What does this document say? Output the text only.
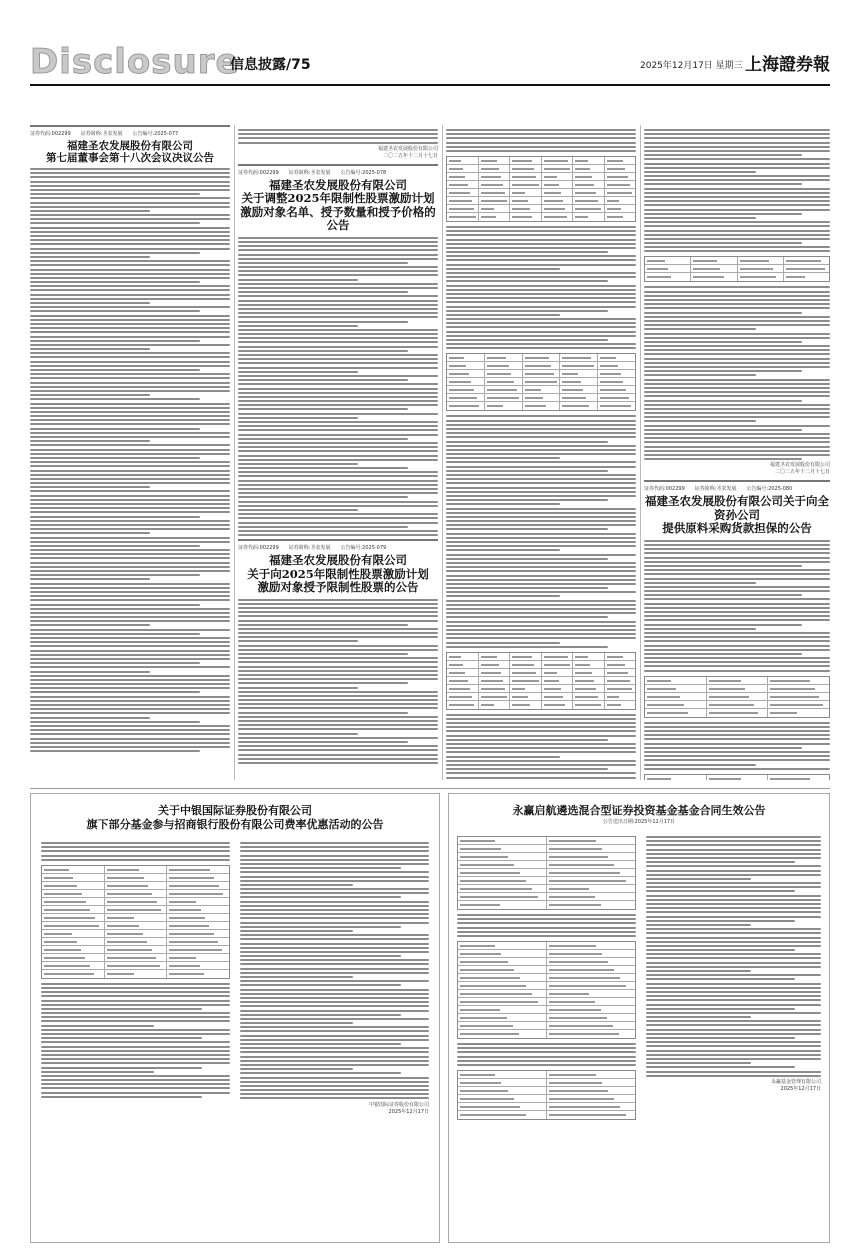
Disclosure
信息披露/75	2025年12月17日 星期三 上海證券報
证券代码:002299 证券简称:圣农发展 公告编号:2025-077
福建圣农发展股份有限公司
第七届董事会第十八次会议决议公告
福建圣农发展股份有限公司
二〇二五年十二月十七日
证券代码:002299 证券简称:圣农发展 公告编号:2025-078
福建圣农发展股份有限公司
关于调整2025年限制性股票激励计划
激励对象名单、授予数量和授予价格的公告
证券代码:002299 证券简称:圣农发展 公告编号:2025-079
福建圣农发展股份有限公司
关于向2025年限制性股票激励计划
激励对象授予限制性股票的公告
福建圣农发展股份有限公司
二〇二五年十二月十七日
证券代码:002299 证券简称:圣农发展 公告编号:2025-080
福建圣农发展股份有限公司关于向全资孙公司
提供原料采购货款担保的公告
关于中银国际证券股份有限公司
旗下部分基金参与招商银行股份有限公司费率优惠活动的公告
中银国际证券股份有限公司
2025年12月17日
永赢启航遴选混合型证券投资基金基金合同生效公告
公告送出日期:2025年12月17日
永赢基金管理有限公司
2025年12月17日
